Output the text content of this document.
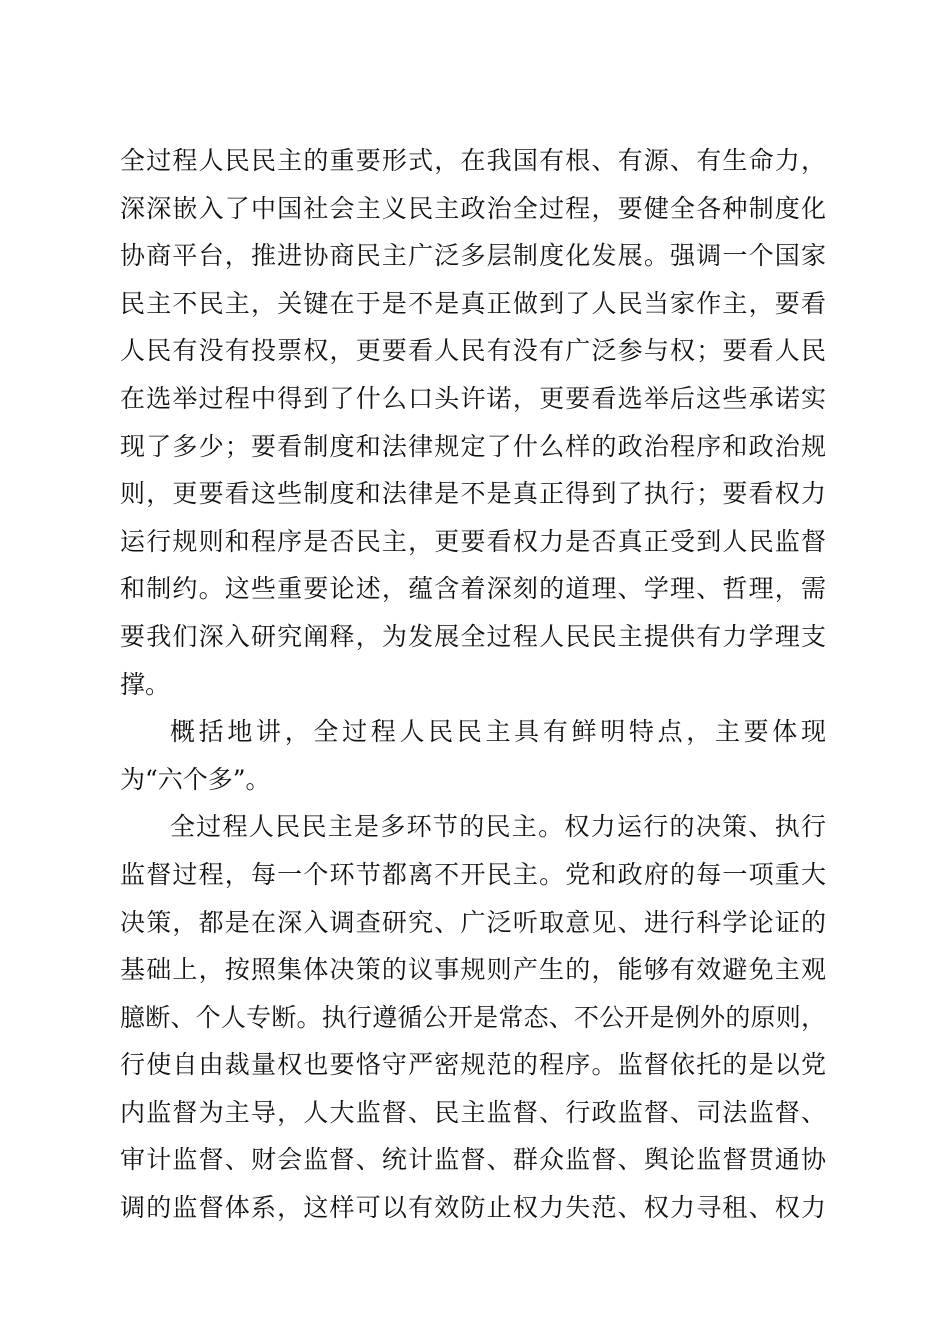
全过程人民民主的重要形式，在我国有根、有源、有生命力，
深深嵌入了中国社会主义民主政治全过程，要健全各种制度化
协商平台，推进协商民主广泛多层制度化发展。强调一个国家
民主不民主，关键在于是不是真正做到了人民当家作主，要看
人民有没有投票权，更要看人民有没有广泛参与权；要看人民
在选举过程中得到了什么口头许诺，更要看选举后这些承诺实
现了多少；要看制度和法律规定了什么样的政治程序和政治规
则，更要看这些制度和法律是不是真正得到了执行；要看权力
运行规则和程序是否民主，更要看权力是否真正受到人民监督
和制约。这些重要论述，蕴含着深刻的道理、学理、哲理，需
要我们深入研究阐释，为发展全过程人民民主提供有力学理支
撑。
概括地讲，全过程人民民主具有鲜明特点，主要体现
为“六个多”。
全过程人民民主是多环节的民主。权力运行的决策、执行
监督过程，每一个环节都离不开民主。党和政府的每一项重大
决策，都是在深入调查研究、广泛听取意见、进行科学论证的
基础上，按照集体决策的议事规则产生的，能够有效避免主观
臆断、个人专断。执行遵循公开是常态、不公开是例外的原则，
行使自由裁量权也要恪守严密规范的程序。监督依托的是以党
内监督为主导，人大监督、民主监督、行政监督、司法监督、
审计监督、财会监督、统计监督、群众监督、舆论监督贯通协
调的监督体系，这样可以有效防止权力失范、权力寻租、权力
